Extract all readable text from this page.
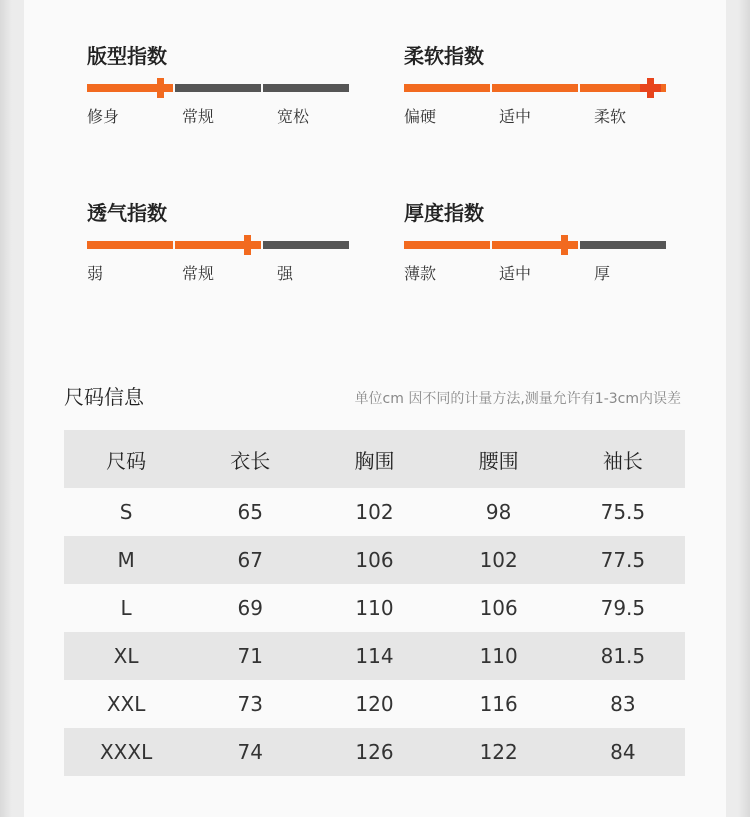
版型指数
修身	常规	宽松
柔软指数
偏硬	适中	柔软
透气指数
弱	常规	强
厚度指数
薄款	适中	厚
尺码信息	单位cm 因不同的计量方法,测量允许有1-3cm内误差
尺码	衣长	胸围	腰围	袖长
S	65	102	98	75.5
M	67	106	102	77.5
L	69	110	106	79.5
XL	71	114	110	81.5
XXL	73	120	116	83
XXXL	74	126	122	84
